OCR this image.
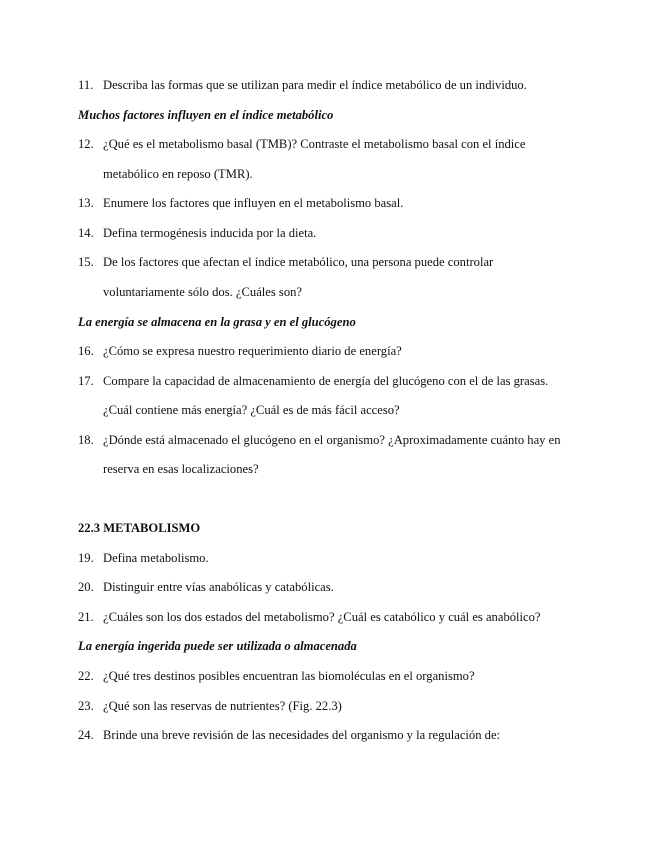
11. Describa las formas que se utilizan para medir el índice metabólico de un individuo.
Muchos factores influyen en el índice metabólico
12. ¿Qué es el metabolismo basal (TMB)? Contraste el metabolismo basal con el índice
metabólico en reposo (TMR).
13. Enumere los factores que influyen en el metabolismo basal.
14. Defina termogénesis inducida por la dieta.
15. De los factores que afectan el índice metabólico, una persona puede controlar
voluntariamente sólo dos. ¿Cuáles son?
La energía se almacena en la grasa y en el glucógeno
16. ¿Cómo se expresa nuestro requerimiento diario de energía?
17. Compare la capacidad de almacenamiento de energía del glucógeno con el de las grasas.
¿Cuál contiene más energía? ¿Cuál es de más fácil acceso?
18. ¿Dónde está almacenado el glucógeno en el organismo? ¿Aproximadamente cuánto hay en
reserva en esas localizaciones?
22.3 METABOLISMO
19. Defina metabolismo.
20. Distinguir entre vías anabólicas y catabólicas.
21. ¿Cuáles son los dos estados del metabolismo? ¿Cuál es catabólico y cuál es anabólico?
La energía ingerida puede ser utilizada o almacenada
22. ¿Qué tres destinos posibles encuentran las biomoléculas en el organismo?
23. ¿Qué son las reservas de nutrientes? (Fig. 22.3)
24. Brinde una breve revisión de las necesidades del organismo y la regulación de:
